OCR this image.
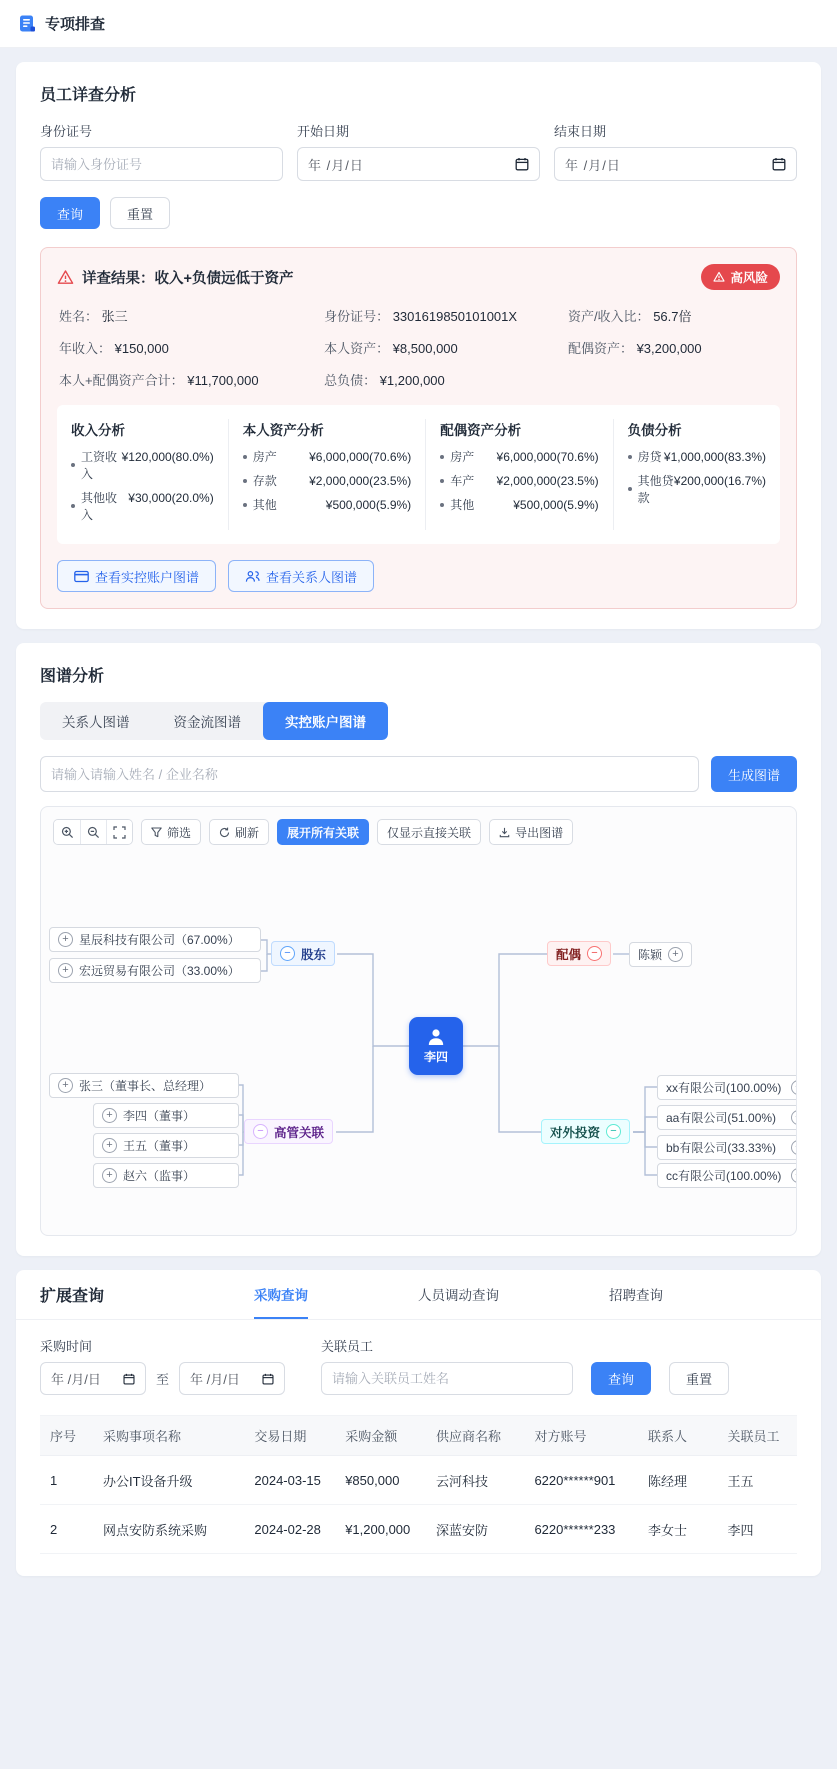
专项排查
员工详查分析
身份证号
请输入身份证号	开始日期
年 /月/日
结束日期
年 /月/日
查询	重置
详查结果：收入+负债远低于资产	高风险
姓名： 张三	身份证号： 3301619850101001X	资产/收入比： 56.7倍
年收入： ¥150,000	本人资产： ¥8,500,000	配偶资产： ¥3,200,000
本人+配偶资产合计： ¥11,700,000	总负债： ¥1,200,000
收入分析
工资收入
¥120,000(80.0%)
其他收入
¥30,000(20.0%)
本人资产分析
房产	¥6,000,000(70.6%)
存款	¥2,000,000(23.5%)
其他	¥500,000(5.9%)
配偶资产分析
房产 ¥6,000,000(70.6%)
车产 ¥2,000,000(23.5%)
其他	¥500,000(5.9%)
负债分析
房贷 ¥1,000,000(83.3%)
其他贷款
¥200,000(16.7%)
查看实控账户图谱	查看关系人图谱
图谱分析
关系人图谱	资金流图谱	实控账户图谱
请输入请输入姓名 / 企业名称
生成图谱
筛选	刷新	展开所有关联	仅显示直接关联	导出图谱
+
星辰科技有限公司（67.00%）
+
宏远贸易有限公司（33.00%）
−
股东	配偶 −	陈颖
+
李四
−
高管关联
+
张三（董事长、总经理）
+
李四（董事）
+
王五（董事）
+
赵六（监事）
对外投资
−
xx有限公司(100.00%)
+
aa有限公司(51.00%)
+
bb有限公司(33.33%)
+
cc有限公司(100.00%)
+
扩展查询	采购查询	人员调动查询	招聘查询
采购时间
年 /月/日	至 年 /月/日
关联员工
请输入关联员工姓名
查询	重置
序号	采购事项名称	交易日期	采购金额	供应商名称	对方账号	联系人	关联员工
1	办公IT设备升级	2024-03-15	¥850,000	云河科技	6220******901	陈经理	王五
2	网点安防系统采购	2024-02-28	¥1,200,000	深蓝安防	6220******233	李女士	李四
